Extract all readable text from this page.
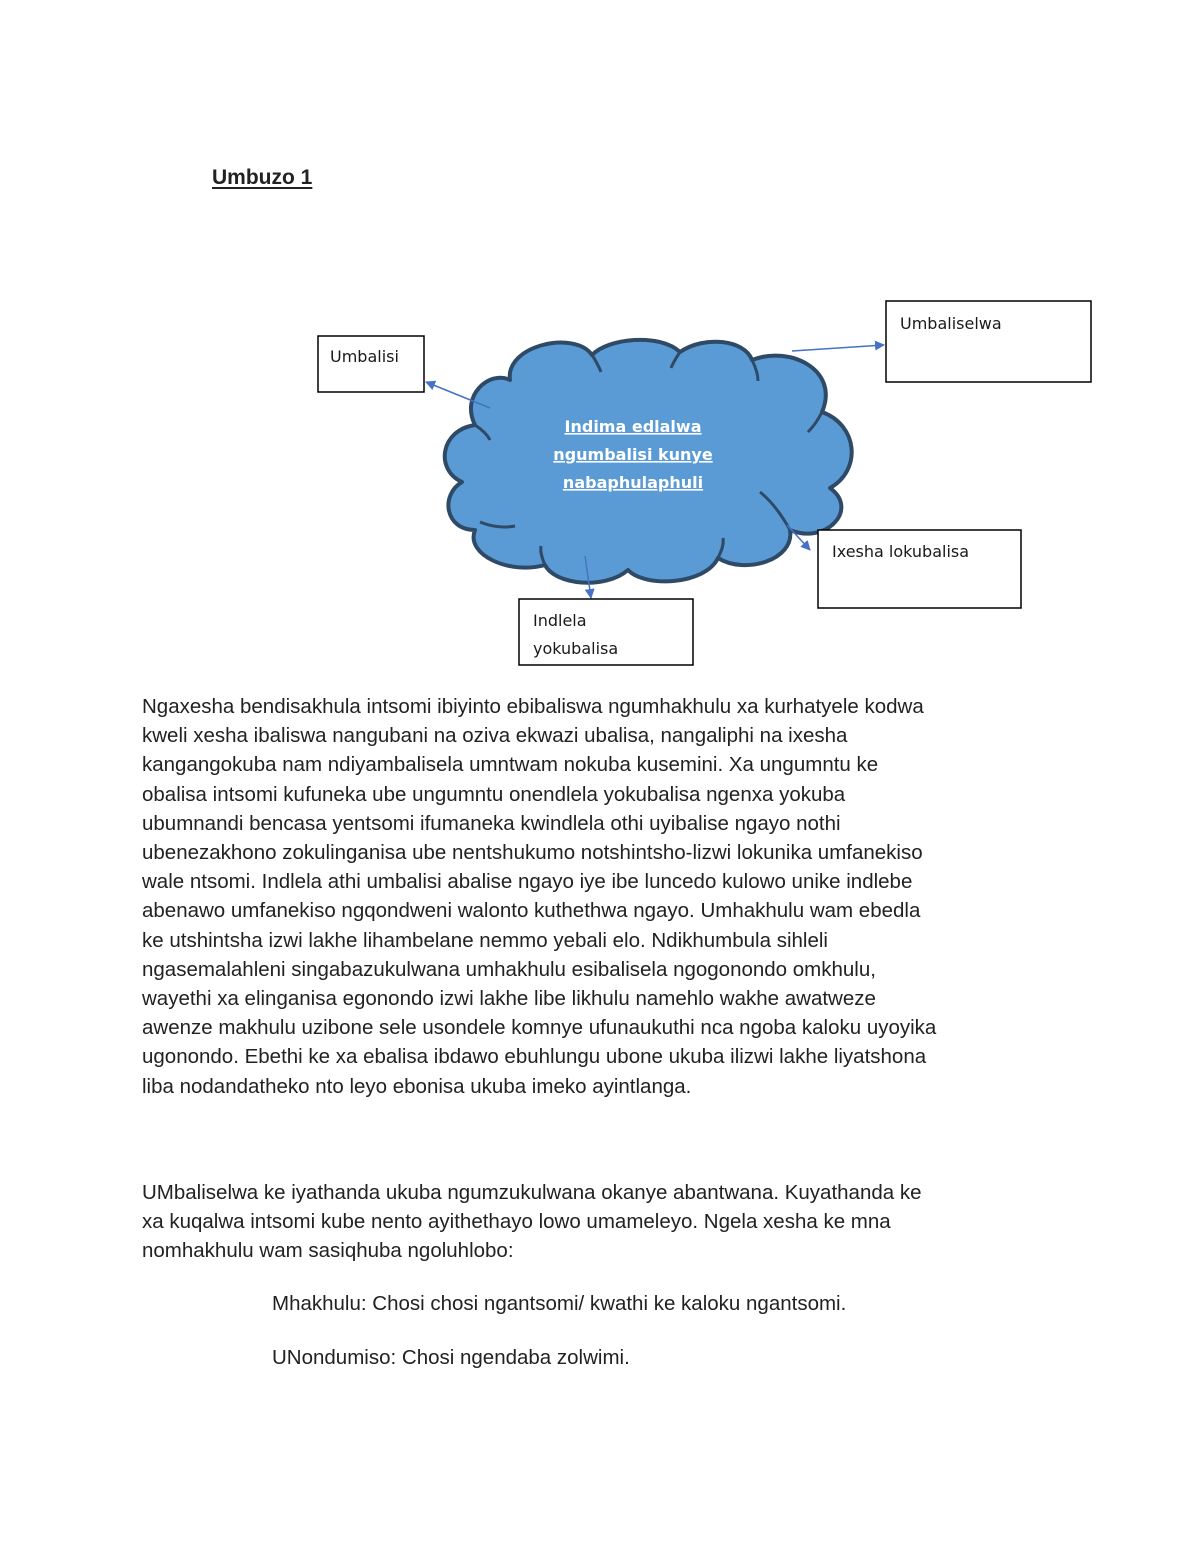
Umbuzo 1
Indima edlalwa
ngumbalisi kunye
nabaphulaphuli
Umbalisi
Umbaliselwa
Ixesha lokubalisa
Indlela
yokubalisa

Ngaxesha bendisakhula intsomi ibiyinto ebibaliswa ngumhakhulu xa kurhatyele kodwa
kweli xesha ibaliswa nangubani na oziva ekwazi ubalisa, nangaliphi na ixesha
kangangokuba nam ndiyambalisela umntwam nokuba kusemini. Xa ungumntu ke
obalisa intsomi kufuneka ube ungumntu onendlela yokubalisa ngenxa yokuba
ubumnandi bencasa yentsomi ifumaneka kwindlela othi uyibalise ngayo nothi
ubenezakhono zokulinganisa ube nentshukumo notshintsho-lizwi lokunika umfanekiso
wale ntsomi. Indlela athi umbalisi abalise ngayo iye ibe luncedo kulowo unike indlebe
abenawo umfanekiso ngqondweni walonto kuthethwa ngayo. Umhakhulu wam ebedla
ke utshintsha izwi lakhe lihambelane nemmo yebali elo. Ndikhumbula sihleli
ngasemalahleni singabazukulwana umhakhulu esibalisela ngogonondo omkhulu,
wayethi xa elinganisa egonondo izwi lakhe libe likhulu namehlo wakhe awatweze
awenze makhulu uzibone sele usondele komnye ufunaukuthi nca ngoba kaloku uyoyika
ugonondo. Ebethi ke xa ebalisa ibdawo ebuhlungu ubone ukuba ilizwi lakhe liyatshona
liba nodandatheko nto leyo ebonisa ukuba imeko ayintlanga.

UMbaliselwa ke iyathanda ukuba ngumzukulwana okanye abantwana. Kuyathanda ke
xa kuqalwa intsomi kube nento ayithethayo lowo umameleyo. Ngela xesha ke mna
nomhakhulu wam sasiqhuba ngoluhlobo:

Mhakhulu: Chosi chosi ngantsomi/ kwathi ke kaloku ngantsomi.

UNondumiso: Chosi ngendaba zolwimi.
